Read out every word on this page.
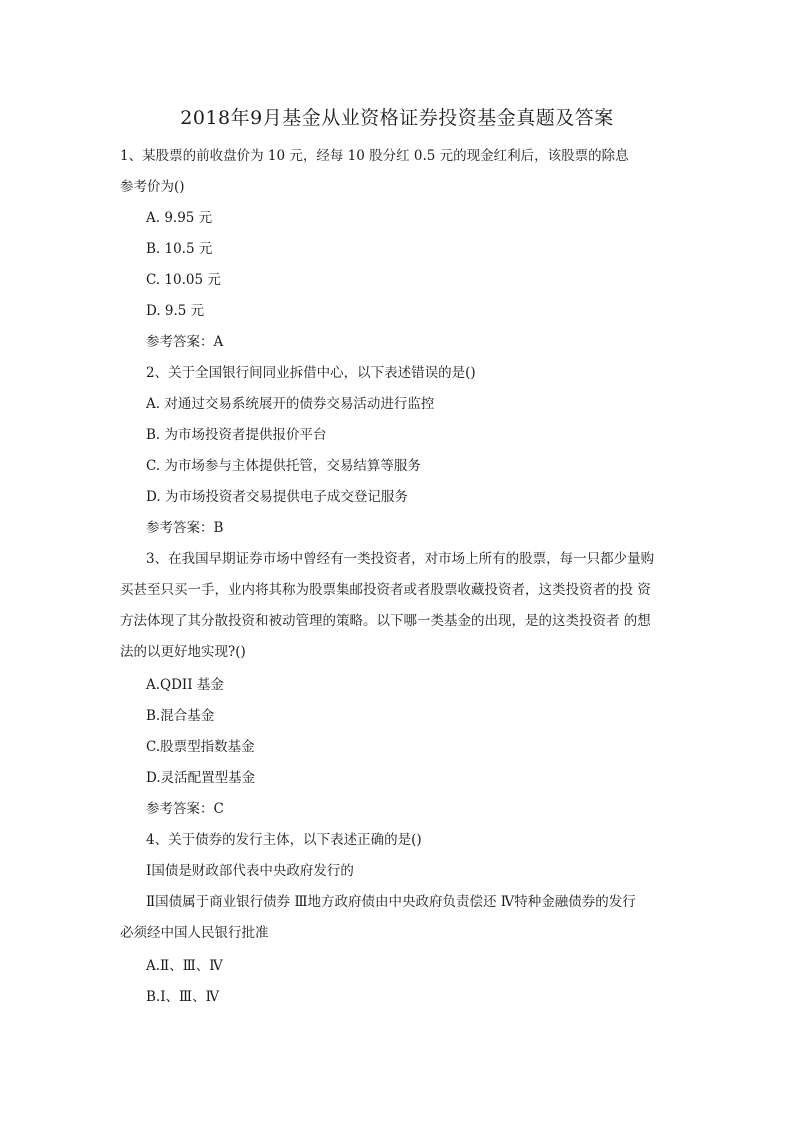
2018年9月基金从业资格证券投资基金真题及答案

1、某股票的前收盘价为 10 元，经每 10 股分红 0.5 元的现金红利后，该股票的除息

参考价为()

A. 9.95 元

B. 10.5 元

C. 10.05 元

D. 9.5 元

参考答案：A

2、关于全国银行间同业拆借中心，以下表述错误的是()

A. 对通过交易系统展开的债券交易活动进行监控

B. 为市场投资者提供报价平台

C. 为市场参与主体提供托管，交易结算等服务

D. 为市场投资者交易提供电子成交登记服务

参考答案：B

3、在我国早期证券市场中曾经有一类投资者，对市场上所有的股票，每一只都少量购

买甚至只买一手，业内将其称为股票集邮投资者或者股票收藏投资者，这类投资者的投 资

方法体现了其分散投资和被动管理的策略。以下哪一类基金的出现，是的这类投资者 的想

法的以更好地实现?()

A.QDII 基金

B.混合基金

C.股票型指数基金

D.灵活配置型基金

参考答案：C

4、关于债券的发行主体，以下表述正确的是()

Ⅰ国债是财政部代表中央政府发行的

Ⅱ国债属于商业银行债券 Ⅲ地方政府债由中央政府负责偿还 Ⅳ特种金融债券的发行

必须经中国人民银行批准

A.Ⅱ、Ⅲ、Ⅳ

B.Ⅰ、Ⅲ、Ⅳ
